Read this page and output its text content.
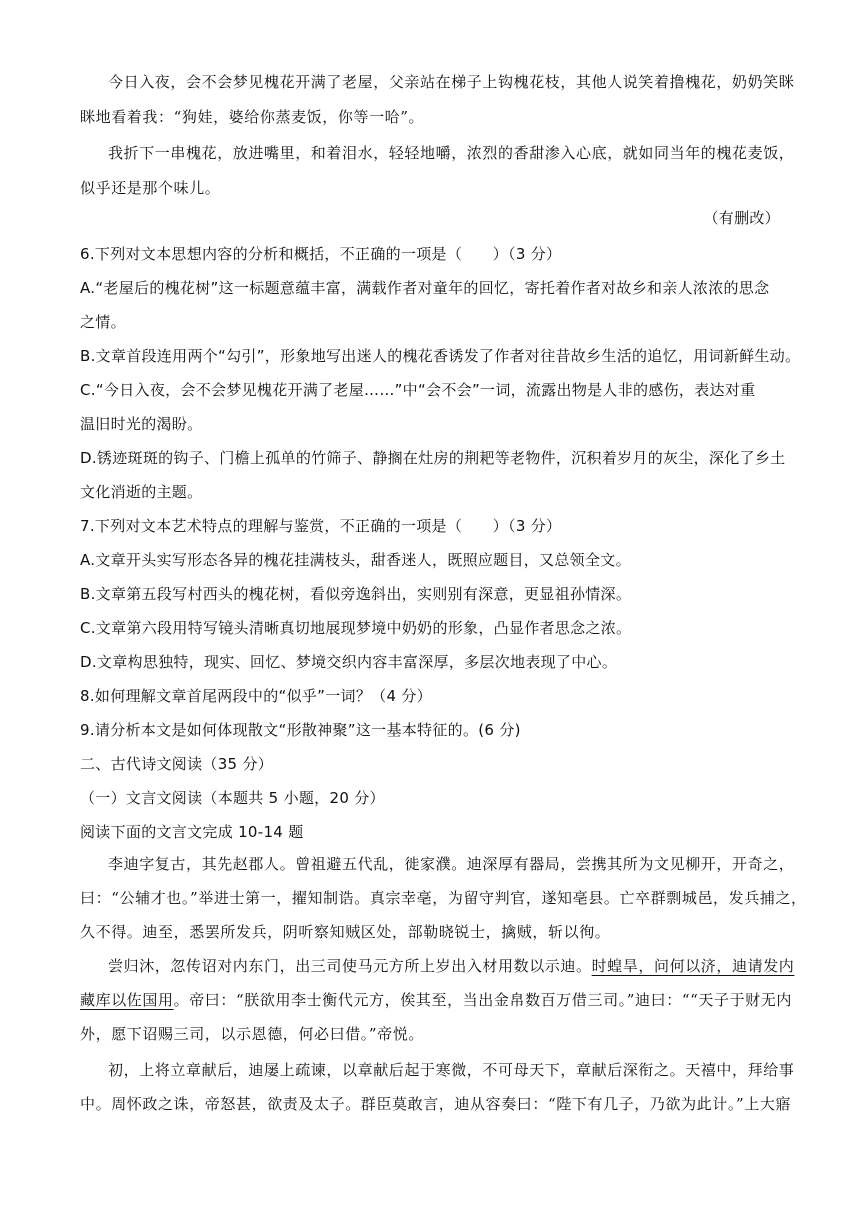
今日入夜，会不会梦见槐花开满了老屋，父亲站在梯子上钩槐花枝，其他人说笑着撸槐花，奶奶笑眯
眯地看着我：“狗娃，婆给你蒸麦饭，你等一哈”。
我折下一串槐花，放进嘴里，和着泪水，轻轻地嚼，浓烈的香甜渗入心底，就如同当年的槐花麦饭，
似乎还是那个味儿。
（有删改）
6.下列对文本思想内容的分析和概括，不正确的一项是（　　）（3 分）
A.“老屋后的槐花树”这一标题意蕴丰富，满载作者对童年的回忆，寄托着作者对故乡和亲人浓浓的思念
之情。
B.文章首段连用两个“勾引”，形象地写出迷人的槐花香诱发了作者对往昔故乡生活的追忆，用词新鲜生动。
C.“今日入夜，会不会梦见槐花开满了老屋……”中“会不会”一词，流露出物是人非的感伤，表达对重
温旧时光的渴盼。
D.锈迹斑斑的钩子、门檐上孤单的竹筛子、静搁在灶房的荆耙等老物件，沉积着岁月的灰尘，深化了乡土
文化消逝的主题。
7.下列对文本艺术特点的理解与鉴赏，不正确的一项是（　　）（3 分）
A.文章开头实写形态各异的槐花挂满枝头，甜香迷人，既照应题目，又总领全文。
B.文章第五段写村西头的槐花树，看似旁逸斜出，实则别有深意，更显祖孙情深。
C.文章第六段用特写镜头清晰真切地展现梦境中奶奶的形象，凸显作者思念之浓。
D.文章构思独特，现实、回忆、梦境交织内容丰富深厚，多层次地表现了中心。
8.如何理解文章首尾两段中的“似乎”一词？（4 分）
9.请分析本文是如何体现散文“形散神聚”这一基本特征的。(6 分)
二、古代诗文阅读（35 分）
（一）文言文阅读（本题共 5 小题，20 分）
阅读下面的文言文完成 10-14 题
李迪字复古，其先赵郡人。曾祖避五代乱，徙家濮。迪深厚有器局，尝携其所为文见柳开，开奇之，
曰：“公辅才也。”举进士第一，擢知制诰。真宗幸亳，为留守判官，遂知亳县。亡卒群剽城邑，发兵捕之，
久不得。迪至，悉罢所发兵，阴听察知贼区处，部勒晓锐士，擒贼，斩以徇。
尝归沐，忽传诏对内东门，出三司使马元方所上岁出入材用数以示迪。时蝗旱，问何以济，迪请发内
藏库以佐国用。帝曰：“朕欲用李士衡代元方，俟其至，当出金帛数百万借三司。”迪曰：““天子于财无内
外，愿下诏赐三司，以示恩德，何必曰借。”帝悦。
初，上将立章献后，迪屡上疏谏，以章献后起于寒微，不可母天下，章献后深衔之。天禧中，拜给事
中。周怀政之诛，帝怒甚，欲责及太子。群臣莫敢言，迪从容奏曰：“陛下有几子，乃欲为此计。”上大寤
